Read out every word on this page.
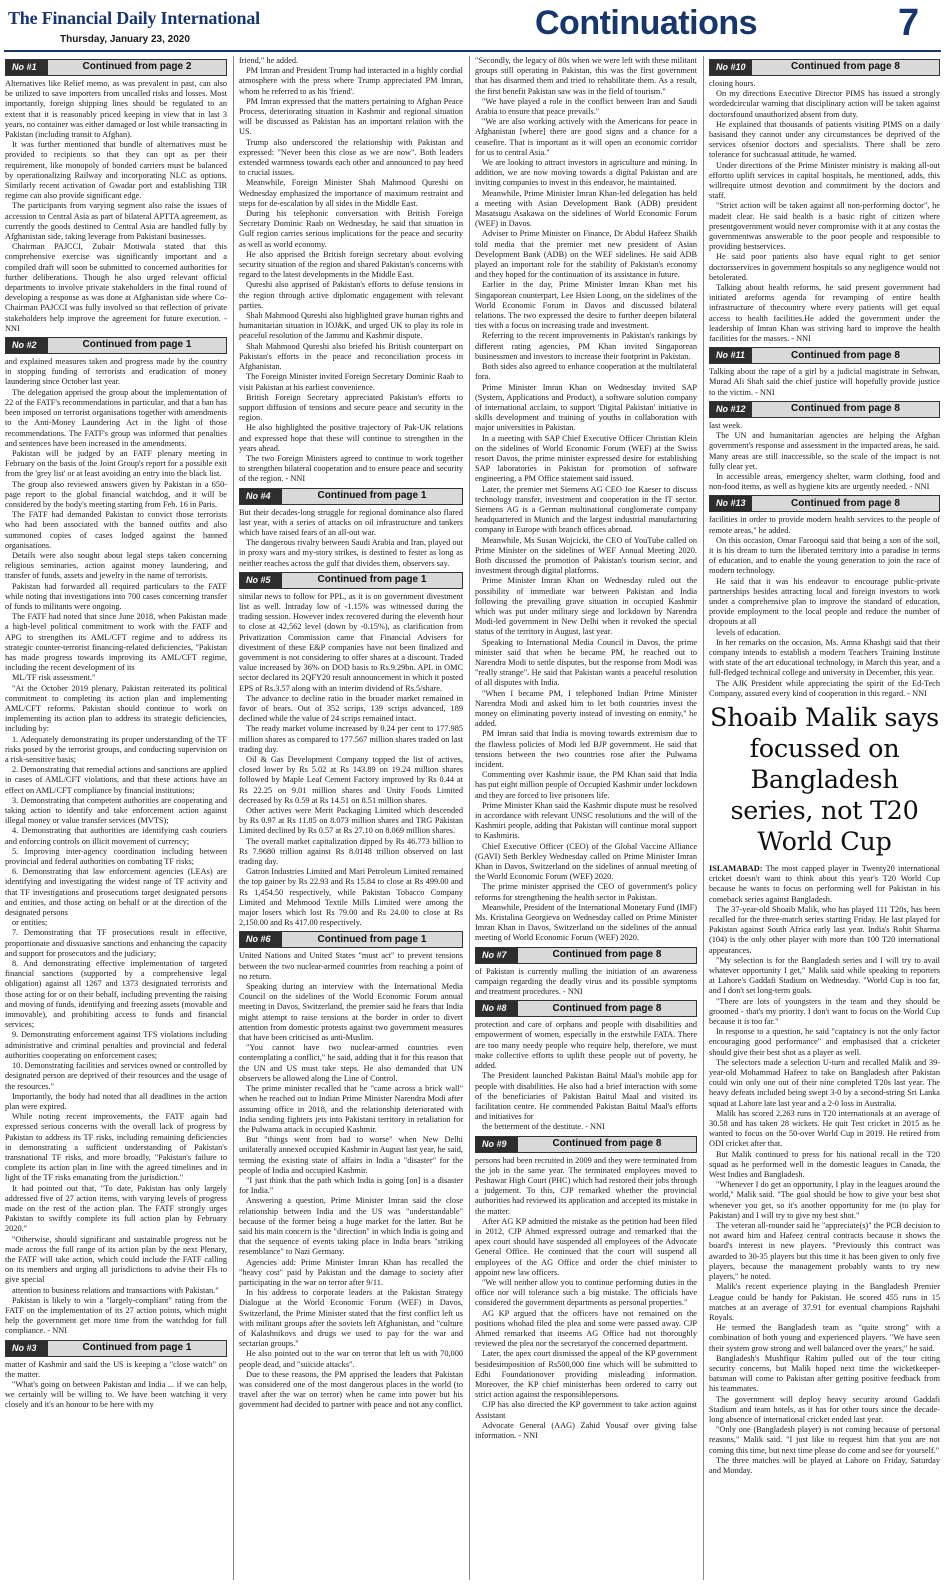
The Financial Daily International
Thursday, January 23, 2020	Continuations	7
No #1	Continued from page 2

Alternatives like Relief memo, as was prevalent in past, can also be utilized to save importers from uncalled risks and losses. Most importantly, foreign shipping lines should be regulated to an extent that it is reasonably priced keeping in view that in last 3 years, no container was either damaged or lost while transacting in Pakistan (including transit to Afghan).

It was further mentioned that bundle of alternatives must be provided to recipients so that they can opt as per their requirement, like monopoly of bonded carriers must be balanced by operationalizing Railway and incorporating NLC as options. Similarly recent activation of Gwadar port and establishing TIR regime can also provide significant edge.

The participants from varying segment also raise the issues of accession to Central Asia as part of bilateral APTTA agreement, as currently the goods destined to Central Asia are handled fully by Afghanistan side, taking leverage from Pakistani businesses.

Chairman PAJCCI, Zubair Motiwala stated that this comprehensive exercise was significantly important and a compiled draft will soon be submitted to concerned authorities for further deliberations. Though he also urged relevant official departments to involve private stakeholders in the final round of developing a response as was done at Afghanistan side where Co-Chairman PAJCCI was fully involved so that reflection of private stakeholders help improve the agreement for future execution. - NNI

No #2	Continued from page 1

and explained measures taken and progress made by the country in stopping funding of terrorists and eradication of money laundering since October last year.

The delegation apprised the group about the implementation of 22 of the FATF's recommendations in particular, and that a ban has been imposed on terrorist organisations together with amendments to the Anti-Money Laundering Act in the light of those recommendations. The FATF's group was informed that penalties and sentences have been increased in the amendments.

Pakistan will be judged by an FATF plenary meeting in February on the basis of the Joint Group's report for a possible exit from the 'grey list' or at least avoiding an entry into the black list.

The group also reviewed answers given by Pakistan in a 650-page report to the global financial watchdog, and it will be considered by the body's meeting starting from Feb. 16 in Paris.

The FATF had demanded Pakistan to convict those terrorists who had been associated with the banned outfits and also summoned copies of cases lodged against the banned organisations.

Details were also sought about legal steps taken concerning religious seminaries, action against money laundering, and transfer of funds, assets and jewelry in the name of terrorists.

Pakistan had forwarded all required particulars to the FATF while noting that investigations into 700 cases concerning transfer of funds to militants were ongoing.

The FATF had noted that since June 2018, when Pakistan made a high-level political commitment to work with the FATF and APG to strengthen its AML/CFT regime and to address its strategic counter-terrorist financing-related deficiencies, "Pakistan has made progress towards improving its AML/CFT regime, including the recent development of its

ML/TF risk assessment."

"At the October 2019 plenary, Pakistan reiterated its political commitment to completing its action plan and implementing AML/CFT reforms. Pakistan should continue to work on implementing its action plan to address its strategic deficiencies, including by:

1. Adequately demonstrating its proper understanding of the TF risks posed by the terrorist groups, and conducting supervision on a risk-sensitive basis;

2. Demonstrating that remedial actions and sanctions are applied in cases of AML/CFT violations, and that these actions have an effect on AML/CFT compliance by financial institutions;

3. Demonstrating that competent authorities are cooperating and taking action to identify and take enforcement action against illegal money or value transfer services (MVTS);

4. Demonstrating that authorities are identifying cash couriers and enforcing controls on illicit movement of currency;

5. Improving inter-agency coordination including between provincial and federal authorities on combating TF risks;

6. Demonstrating that law enforcement agencies (LEAs) are identifying and investigating the widest range of TF activity and that TF investigations and prosecutions target designated persons and entities, and those acting on behalf or at the direction of the designated persons

or entities;

7. Demonstrating that TF prosecutions result in effective, proportionate and dissuasive sanctions and enhancing the capacity and support for prosecutors and the judiciary;

8. And demonstrating effective implementation of targeted financial sanctions (supported by a comprehensive legal obligation) against all 1267 and 1373 designated terrorists and those acting for or on their behalf, including preventing the raising and moving of funds, identifying and freezing assets (movable and immovable), and prohibiting access to funds and financial services;

9. Demonstrating enforcement against TFS violations including administrative and criminal penalties and provincial and federal authorities cooperating on enforcement cases;

10. Demonstrating facilities and services owned or controlled by designated person are deprived of their resources and the usage of the resources."

Importantly, the body had noted that all deadlines in the action plan were expired.

While noting recent improvements, the FATF again had expressed serious concerns with the overall lack of progress by Pakistan to address its TF risks, including remaining deficiencies in demonstrating a sufficient understanding of Pakistan's transnational TF risks, and more broadly, "Pakistan's failure to complete its action plan in line with the agreed timelines and in light of the TF risks emanating from the jurisdiction."

It had pointed out that, "To date, Pakistan has only largely addressed five of 27 action items, with varying levels of progress made on the rest of the action plan. The FATF strongly urges Pakistan to swiftly complete its full action plan by February 2020."

"Otherwise, should significant and sustainable progress not be made across the full range of its action plan by the next Plenary, the FATF will take action, which could include the FATF calling on its members and urging all jurisdictions to advise their FIs to give special

attention to business relations and transactions with Pakistan."

Pakistan is likely to win a "largely-compliant" rating from the FATF on the implementation of its 27 action points, which might help the government get more time from the watchdog for full compliance. - NNI

No #3	Continued from page 1

matter of Kashmir and said the US is keeping a "close watch" on the matter.

"What's going on between Pakistan and India ... if we can help, we certainly will be willing to. We have been watching it very closely and it's an honour to be here with my

friend," he added.

PM Imran and President Trump had interacted in a highly cordial atmosphere with the press where Trump appreciated PM Imran, whom he referred to as his 'friend'.

PM Imran expressed that the matters pertaining to Afghan Peace Process, deteriorating situation in Kashmir and regional situation will be discussed as Pakistan has an important relation with the US.

Trump also underscored the relationship with Pakistan and expressed: "Never been this close as we are now". Both leaders extended warmness towards each other and announced to pay heed to crucial issues.

Meanwhile, Foreign Minister Shah Mahmood Qureshi on Wednesday emphasized the importance of maximum restraint and steps for de-escalation by all sides in the Middle East.

During his telephonic conversation with British Foreign Secretary Dominic Raab on Wednesday, he said that situation in Gulf region carries serious implications for the peace and security as well as world economy.

He also apprised the British foreign secretary about evolving security situation of the region and shared Pakistan's concerns with regard to the latest developments in the Middle East.

Qureshi also apprised of Pakistan's efforts to defuse tensions in the region through active diplomatic engagement with relevant parties.

Shah Mahmood Qureshi also highlighted grave human rights and humanitarian situation in IOJ&K, and urged UK to play its role in peaceful resolution of the Jammu and Kashmir dispute.

Shah Mahmood Qureshi also briefed his British counterpart on Pakistan's efforts in the peace and reconciliation process in Afghanistan.

The Foreign Minister invited Foreign Secretary Dominic Raab to visit Pakistan at his earliest convenience.

British Foreign Secretary appreciated Pakistan's efforts to support diffusion of tensions and secure peace and security in the region.

He also highlighted the positive trajectory of Pak-UK relations and expressed hope that these will continue to strengthen in the years ahead.

The two Foreign Ministers agreed to continue to work together to strengthen bilateral cooperation and to ensure peace and security of the region. - NNI

No #4	Continued from page 1

But their decades-long struggle for regional dominance also flared last year, with a series of attacks on oil infrastructure and tankers which have raised fears of an all-out war.

The dangerous rivalry between Saudi Arabia and Iran, played out in proxy wars and my-story strikes, is destined to fester as long as neither reaches across the gulf that divides them, observers say.

No #5	Continued from page 1

similar news to follow for PPL, as it is on government divestment list as well. Intraday low of -1.15% was witnessed during the trading session. However index recovered during the eleventh hour to close at 42,562 level (down by -0.15%), as clarification from Privatization Commission came that Financial Advisers for divestment of these E&P companies have not been finalized and government is not considering to offer shares at a discount. Traded value increased by 36% on DOD basis to Rs.9.29bn. APL in OMC sector declared its 2QFY20 result announcement in which it posted EPS of Rs.3.57 along with an interim dividend of Rs.5/share.

The advance to decline ratio in the broader market remained in favor of bears. Out of 352 scrips, 139 scrips advanced, 189 declined while the value of 24 scrips remained intact.

The ready market volume increased by 0.24 per cent to 177.985 million shares as compared to 177.567 million shares traded on last trading day.

Oil & Gas Development Company topped the list of actives, closed lower by Rs 5.02 at Rs 143.89 on 19.24 million shares followed by Maple Leaf Cement Factory improved by Rs 0.44 at Rs 22.25 on 9.01 million shares and Unity Foods Limited decreased by Rs 0.59 at Rs 14.51 on 8.51 million shares.

Other actives were Merit Packaging Limited which descended by Rs 0.97 at Rs 11.85 on 8.073 million shares and TRG Pakistan Limited declined by Rs 0.57 at Rs 27.10 on 8.069 million shares.

The overall market capitalization dipped by Rs 46.773 billion to Rs 7.9680 trillion against Rs 8.0148 trillion observed on last trading day.

Gatron Industries Limited and Mari Petroleum Limited remained the top gainer by Rs 22.93 and Rs 15.84 to close at Rs 499.00 and Rs 1,454.50 respectively, while Pakistan Tobacco Company Limited and Mehmood Textile Mills Limited were among the major losers which lost Rs 79.00 and Rs 24.00 to close at Rs 2,150.00 and Rs 417.00 respectively.

No #6	Continued from page 1

United Nations and United States "must act" to prevent tensions between the two nuclear-armed countries from reaching a point of no return.

Speaking during an interview with the International Media Council on the sidelines of the World Economic Forum annual meeting in Davos, Switzerland, the premier said he fears that India might attempt to raise tensions at the border in order to divert attention from domestic protests against two government measures that have been criticised as anti-Muslim.

"You cannot have two nuclear-armed countries even contemplating a conflict," he said, adding that it for this reason that the UN and US must take steps. He also demanded that UN observers be allowed along the Line of Control.

The prime minister recalled that he "came across a brick wall" when he reached out to Indian Prime Minister Narendra Modi after assuming office in 2018, and the relationship deteriorated with India sending fighters jets into Pakistani territory in retaliation for the Pulwama attack in occupied Kashmir.

But "things went from bad to worse" when New Delhi unilaterally annexed occupied Kashmir in August last year, he said, terming the existing state of affairs in India a "disaster" for the people of India and occupied Kashmir.

"I just think that the path which India is going [on] is a disaster for India."

Answering a question, Prime Minister Imran said the close relationship between India and the US was "understandable" because of the former being a huge market for the latter. But he said his main concern is the "direction" in which India is going and that the sequence of events taking place in India bears "striking resemblance" to Nazi Germany.

Agencies add: Prime Minister Imran Khan has recalled the "heavy cost" paid by Pakistan and the damage to society after participating in the war on terror after 9/11.

In his address to corporate leaders at the Pakistan Strategy Dialogue at the World Economic Forum (WEF) in Davos, Switzerland, the Prime Minister stated that the first conflict left us with militant groups after the soviets left Afghanistan, and "culture of Kalashnikovs and drugs we used to pay for the war and sectarian groups."

He also pointed out to the war on terror that left us with 70,000 people dead, and "suicide attacks".

Due to these reasons, the PM apprised the leaders that Pakistan was considered one of the most dangerous places in the world (to travel after the war on terror) when he came into power but his government had decided to partner with peace and not any conflict.

"Secondly, the legacy of 80s when we were left with these militant groups still operating in Pakistan, this was the first government that has disarmed them and tried to rehabilitate them. As a result, the first benefit Pakistan saw was in the field of tourism."

"We have played a role in the conflict between Iran and Saudi Arabia to ensure that peace prevails."

"We are also working actively with the Americans for peace in Afghanistan [where] there are good signs and a chance for a ceasefire. That is important as it will open an economic corridor for us to central Asia."

We are looking to attract investors in agriculture and mining. In addition, we are now moving towards a digital Pakistan and are inviting companies to invest in this endeavor, he maintained.

Meanwhile, Prime Minister Imran Khan-led delegation has held a meeting with Asian Development Bank (ADB) president Masatsugu Asakawa on the sidelines of World Economic Forum (WEF) in Davos.

Adviser to Prime Minister on Finance, Dr Abdul Hafeez Shaikh told media that the premier met new president of Asian Development Bank (ADB) on the WEF sidelines. He said ADB played an important role for the stability of Pakistan's economy and they hoped for the continuation of its assistance in future.

Earlier in the day, Prime Minister Imran Khan met his Singaporean counterpart, Lee Hsien Loong, on the sidelines of the World Economic Forum in Davos and discussed bilateral relations. The two expressed the desire to further deepen bilateral ties with a focus on increasing trade and investment.

Referring to the recent improvements in Pakistan's rankings by different rating agencies, PM Khan invited Singaporean businessmen and investors to increase their footprint in Pakistan.

Both sides also agreed to enhance cooperation at the multilateral fora.

Prime Minister Imran Khan on Wednesday invited SAP (System, Applications and Product), a software solution company of international acclaim, to support 'Digital Pakistan' initiative in skills development and training of youths in collaboration with major universities in Pakistan.

In a meeting with SAP Chief Executive Officer Christian Klein on the sidelines of World Economic Forum (WEF) at the Swiss resort Davos, the prime minister expressed desire for establishing SAP laboratories in Pakistan for promotion of software engineering, a PM Office statement said issued.

Later, the premier met Siemens AG CEO Joe Kaeser to discuss technology transfer, investment and cooperation in the IT sector. Siemens AG is a German multinational conglomerate company headquartered in Munich and the largest industrial manufacturing company in Europe with branch offices abroad.

Meanwhile, Ms Susan Wojcicki, the CEO of YouTube called on Prime Minister on the sidelines of WEF Annual Meeting 2020. Both discussed the promotion of Pakistan's tourism sector, and investment through digital platforms.

Prime Minister Imran Khan on Wednesday ruled out the possibility of immediate war between Pakistan and India following the prevailing grave situation in occupied Kashmir which was put under military siege and lockdown by Narendra Modi-led government in New Delhi when it revoked the special status of the territory in August, last year.

Speaking to International Media Council in Davos, the prime minister said that when he became PM, he reached out to Narendra Modi to settle disputes, but the response from Modi was "really strange". He said that Pakistan wants a peaceful resolution of all disputes with India.

"When I became PM, I telephoned Indian Prime Minister Narendra Modi and asked him to let both countries invest the money on eliminating poverty instead of investing on enmity," he added.

PM Imran said that India is moving towards extremism due to the flawless policies of Modi led BJP government. He said that tensions between the two countries rose after the Pulwama incident.

Commenting over Kashmir issue, the PM Khan said that India has put eight million people of Occupied Kashmir under lockdown and they are forced to live prisoners life.

Prime Minister Khan said the Kashmir dispute must be resolved in accordance with relevant UNSC resolutions and the will of the Kashmiri people, adding that Pakistan will continue moral support to Kashmiris.

Chief Executive Officer (CEO) of the Global Vaccine Alliance (GAVI) Seth Berkley Wednesday called on Prime Minister Imran Khan in Davos, Switzerland on the sidelines of annual meeting of the World Economic Forum (WEF) 2020.

The prime minister apprised the CEO of government's policy reforms for strengthening the health sector in Pakistan.

Meanwhile, President of the International Monetary Fund (IMF) Ms. Kristalina Georgieva on Wednesday called on Prime Minister Imran Khan in Davos, Switzerland on the sidelines of the annual meeting of World Economic Forum (WEF) 2020.

No #7	Continued from page 8

of Pakistan is currently mulling the initiation of an awareness campaign regarding the deadly virus and its possible symptoms and treatment procedures. - NNI

No #8	Continued from page 8

protection and care of orphans and people with disabilities and empowerment of women, especially in the erstwhile FATA. There are too many needy people who require help, therefore, we must make collective efforts to uplift these people out of poverty, he added.

The President launched Pakistan Baitul Maal's mobile app for people with disabilities. He also had a brief interaction with some of the beneficiaries of Pakistan Baitul Maal and visited its facilitation centre. He commended Pakistan Baitul Maal's efforts and initiatives for

the betterment of the destitute. - NNI

No #9	Continued from page 8

persons had been recruited in 2009 and they were terminated from the job in the same year. The terminated employees moved to Peshawar High Court (PHC) which had restored their jobs through a judgement. To this, CJP remarked whether the provincial authorities had reviewed its application and accepted its mistake in the matter.

After AG KP admitted the mistake as the petition had been filed in 2012, CJP Ahmed expressed outrage and remarked that the apex court should have suspended all employees of the Advocate General Office. He continued that the court will suspend all employees of the AG Office and order the chief minister to appoint new law officers.

"We will neither allow you to continue performing duties in the office nor will tolerance such a big mistake. The officials have considered the government departments as personal properties."

AG KP argued that the officers have not remained on the positions whohad filed the plea and some were passed away. CJP Ahmed remarked that itseems AG Office had not thoroughly reviewed the plea nor the secretaryof the concerned department.

Later, the apex court dismissed the appeal of the KP government besidesimposition of Rs500,000 fine which will be submitted to Edhi Foundationover providing misleading information. Moreover, the KP chief ministerhas been ordered to carry out strict action against the responsiblepersons.

CJP has also directed the KP government to take action against Assistant

Advocate General (AAG) Zahid Yousaf over giving false information. - NNI

No #10	Continued from page 8

closing hours.

On my directions Executive Director PIMS has issued a strongly wordedcircular warning that disciplinary action will be taken against doctorsfound unauthorized absent from duty.

He explained that thousands of patients visiting PIMS on a daily basisand they cannot under any circumstances be deprived of the services ofsenior doctors and specialists. There shall be zero tolerance for suchcasual attitude, he warned.

Under directions of the Prime Minister ministry is making all-out effortto uplift services in capital hospitals, he mentioned, adds, this willrequire utmost devotion and commitment by the doctors and staff.

"Strict action will be taken against all non-performing doctor", he madeit clear. He said health is a basic right of citizen where presentgovernment would never compromise with it at any costas the governmentwas answerable to the poor people and responsible to providing bestservices.

He said poor patients also have equal right to get senior doctorsservices in government hospitals so any negligence would not betolerated.

Talking about health reforms, he said present government had initiated areforms agenda for revamping of entire health infrastructure of thecountry where every patients will get equal access to health facilities.He added the government under the leadership of Imran Khan was striving hard to improve the health facilities for the masses. - NNI

No #11	Continued from page 8

Talking about the rape of a girl by a judicial magistrate in Sehwan, Murad Ali Shah said the chief justice will hopefully provide justice to the victim. - NNI

No #12	Continued from page 8

last week.

The UN and humanitarian agencies are helping the Afghan government's response and assessment in the impacted areas, he said. Many areas are still inaccessible, so the scale of the impact is not fully clear yet.

In accessible areas, emergency shelter, warm clothing, food and non-food items, as well as hygiene kits are urgently needed. - NNI

No #13	Continued from page 8

facilities in order to provide modern health services to the people of remote areas," he added.

On this occasion, Omar Farooqui said that being a son of the soil, it is his dream to turn the liberated territory into a paradise in terms of education, and to enable the young generation to join the race of modern technology.

He said that it was his endeavor to encourage public-private partnerships besides attracting local and foreign investors to work under a comprehensive plan to improve the standard of education, provide employment to the local people and reduce the number of dropouts at all

levels of education.

In her remarks on the occasion, Ms. Amna Khashgi said that their company intends to establish a modern Teachers Training Institute with state of the art educational technology, in March this year, and a full-fledged technical college and university in December, this year.

The AJK President while appreciating the spirit of the Ed-Tech Company, assured every kind of cooperation in this regard. - NNI

Shoaib Malik says focussed on Bangladesh series, not T20 World Cup

ISLAMABAD: The most capped player in Twenty20 international cricket doesn't want to think about this year's T20 World Cup because he wants to focus on performing well for Pakistan in his comeback series against Bangladesh.

The 37-year-old Shoaib Malik, who has played 111 T20s, has been recalled for the three-match series starting Friday. He last played for Pakistan against South Africa early last year. India's Rohit Sharma (104) is the only other player with more than 100 T20 international appearances.

"My selection is for the Bangladesh series and I will try to avail whatever opportunity I get," Malik said while speaking to reporters at Lahore's Gaddafi Stadium on Wednesday. "World Cup is too far, and I don't set long-term goals.

"There are lots of youngsters in the team and they should be groomed - that's my priority. I don't want to focus on the World Cup because it is too far."

In response to a question, he said "captaincy is not the only factor encouraging good performance" and emphasised that a cricketer should give their best shot as a player as well.

The selectors made a selection U-turn and recalled Malik and 39-year-old Mohammad Hafeez to take on Bangladesh after Pakistan could win only one out of their nine completed T20s last year. The heavy defeats included being swept 3-0 by a second-string Sri Lanka squad at Lahore late last year and a 2-0 loss in Australia.

Malik has scored 2,263 runs in T20 internationals at an average of 30.58 and has taken 28 wickets. He quit Test cricket in 2015 as he wanted to focus on the 50-over World Cup in 2019. He retired from ODI cricket after that.

But Malik continued to press for his national recall in the T20 squad as he performed well in the domestic leagues in Canada, the West Indies and Bangladesh.

"Whenever I do get an opportunity, I play in the leagues around the world," Malik said. "The goal should be how to give your best shot whenever you get, so it's another opportunity for me (to play for Pakistan) and I will try to give my best shot."

The veteran all-rounder said he "appreciate(s)" the PCB decision to not award him and Hafeez central contracts because it shows the board's interest in new players. "Previously this contract was awarded to 30-35 players but this time it has been given to only five players, because the management probably wants to try new players," he noted.

Malik's recent experience playing in the Bangladesh Premier League could be handy for Pakistan. He scored 455 runs in 15 matches at an average of 37.91 for eventual champions Rajshahi Royals.

He termed the Bangladesh team as "quite strong" with a combination of both young and experienced players. "We have seen their system grow strong and well balanced over the years," he said.

Bangladesh's Mushfiqur Rahim pulled out of the tour citing security concerns, but Malik hoped next time the wicketkeeper-batsman will come to Pakistan after getting positive feedback from his teammates.

The government will deploy heavy security around Gaddafi Stadium and team hotels, as it has for other tours since the decade-long absence of international cricket ended last year.

"Only one (Bangladesh player) is not coming because of personal reasons," Malik said. "I just like to request him that you are not coming this time, but next time please do come and see for yourself."

The three matches will be played at Lahore on Friday, Saturday and Monday.
